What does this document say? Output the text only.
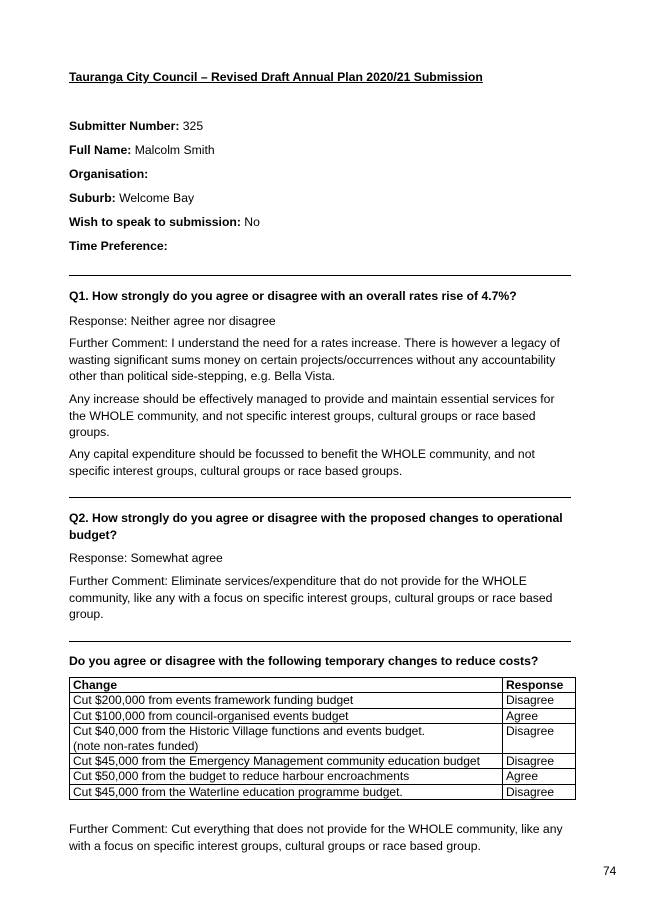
Tauranga City Council – Revised Draft Annual Plan 2020/21 Submission
Submitter Number: 325
Full Name: Malcolm Smith
Organisation:
Suburb: Welcome Bay
Wish to speak to submission: No
Time Preference:
Q1. How strongly do you agree or disagree with an overall rates rise of 4.7%?
Response: Neither agree nor disagree
Further Comment: I understand the need for a rates increase. There is however a legacy of wasting significant sums money on certain projects/occurrences without any accountability other than political side-stepping, e.g. Bella Vista.
Any increase should be effectively managed to provide and maintain essential services for the WHOLE community, and not specific interest groups, cultural groups or race based groups.
Any capital expenditure should be focussed to benefit the WHOLE community, and not specific interest groups, cultural groups or race based groups.
Q2. How strongly do you agree or disagree with the proposed changes to operational budget?
Response: Somewhat agree
Further Comment: Eliminate services/expenditure that do not provide for the WHOLE community, like any with a focus on specific interest groups, cultural groups or race based group.
Do you agree or disagree with the following temporary changes to reduce costs?
Change	Response
Cut $200,000 from events framework funding budget	Disagree
Cut $100,000 from council-organised events budget	Agree
Cut $40,000 from the Historic Village functions and events budget.
(note non-rates funded)	Disagree
Cut $45,000 from the Emergency Management community education budget	Disagree
Cut $50,000 from the budget to reduce harbour encroachments	Agree
Cut $45,000 from the Waterline education programme budget.	Disagree
Further Comment: Cut everything that does not provide for the WHOLE community, like any with a focus on specific interest groups, cultural groups or race based group.
74
